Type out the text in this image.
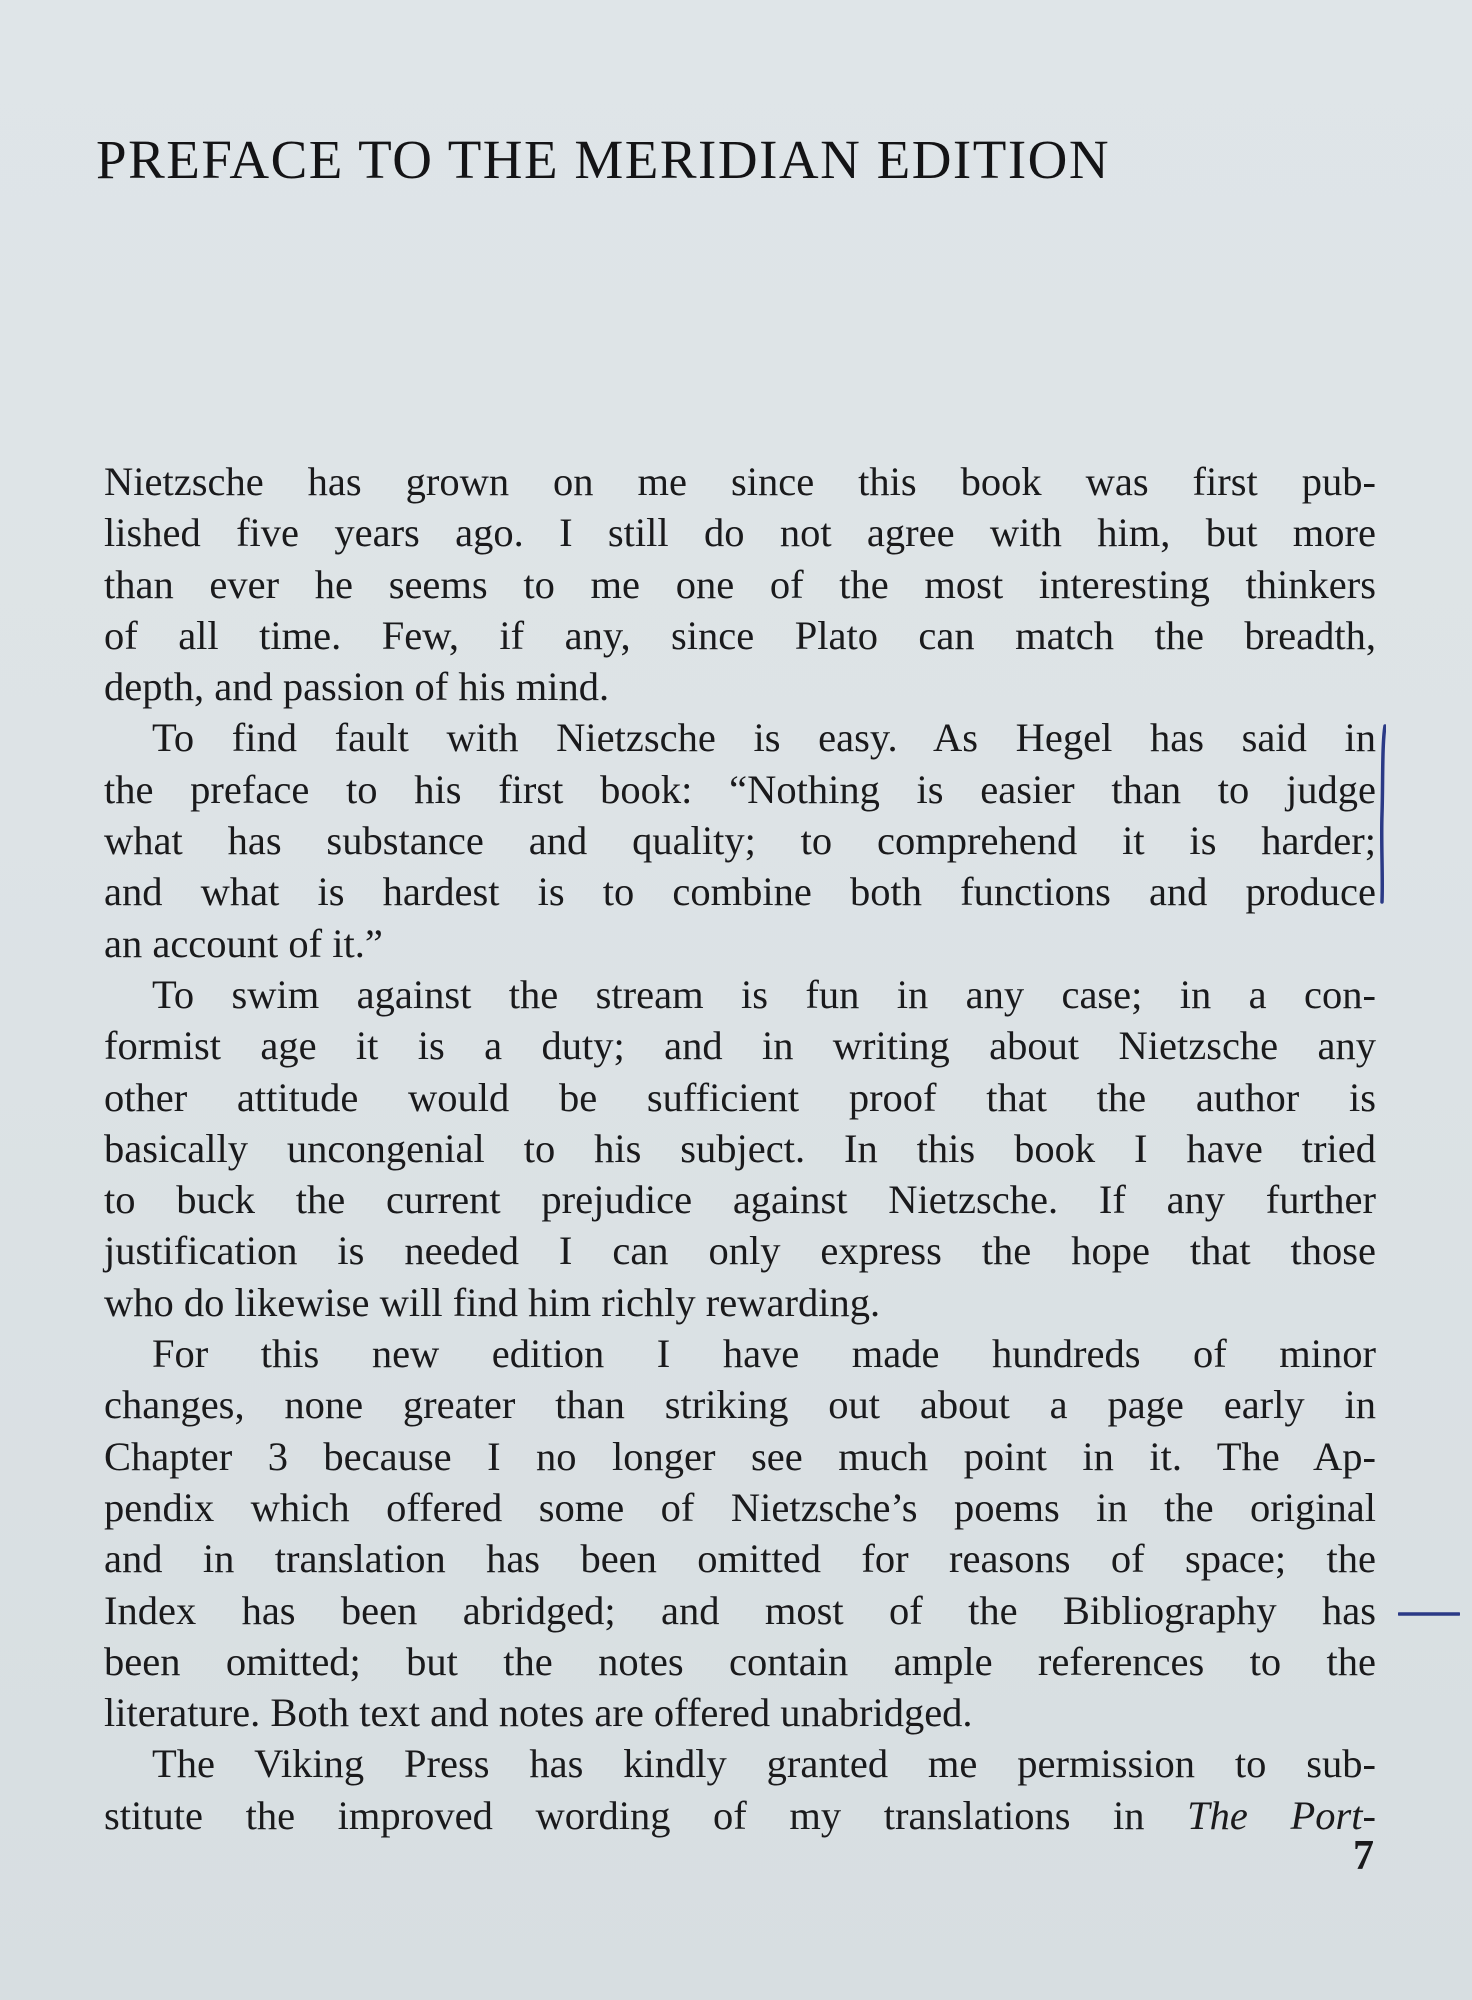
PREFACE TO THE MERIDIAN EDITION
Nietzsche has grown on me since this book was first pub-
lished five years ago. I still do not agree with him, but more
than ever he seems to me one of the most interesting thinkers
of all time. Few, if any, since Plato can match the breadth,
depth, and passion of his mind.
To find fault with Nietzsche is easy. As Hegel has said in
the preface to his first book: “Nothing is easier than to judge
what has substance and quality; to comprehend it is harder;
and what is hardest is to combine both functions and produce
an account of it.”
To swim against the stream is fun in any case; in a con-
formist age it is a duty; and in writing about Nietzsche any
other attitude would be sufficient proof that the author is
basically uncongenial to his subject. In this book I have tried
to buck the current prejudice against Nietzsche. If any further
justification is needed I can only express the hope that those
who do likewise will find him richly rewarding.
For this new edition I have made hundreds of minor
changes, none greater than striking out about a page early in
Chapter 3 because I no longer see much point in it. The Ap-
pendix which offered some of Nietzsche’s poems in the original
and in translation has been omitted for reasons of space; the
Index has been abridged; and most of the Bibliography has
been omitted; but the notes contain ample references to the
literature. Both text and notes are offered unabridged.
The Viking Press has kindly granted me permission to sub-
stitute the improved wording of my translations in The Port-
7
